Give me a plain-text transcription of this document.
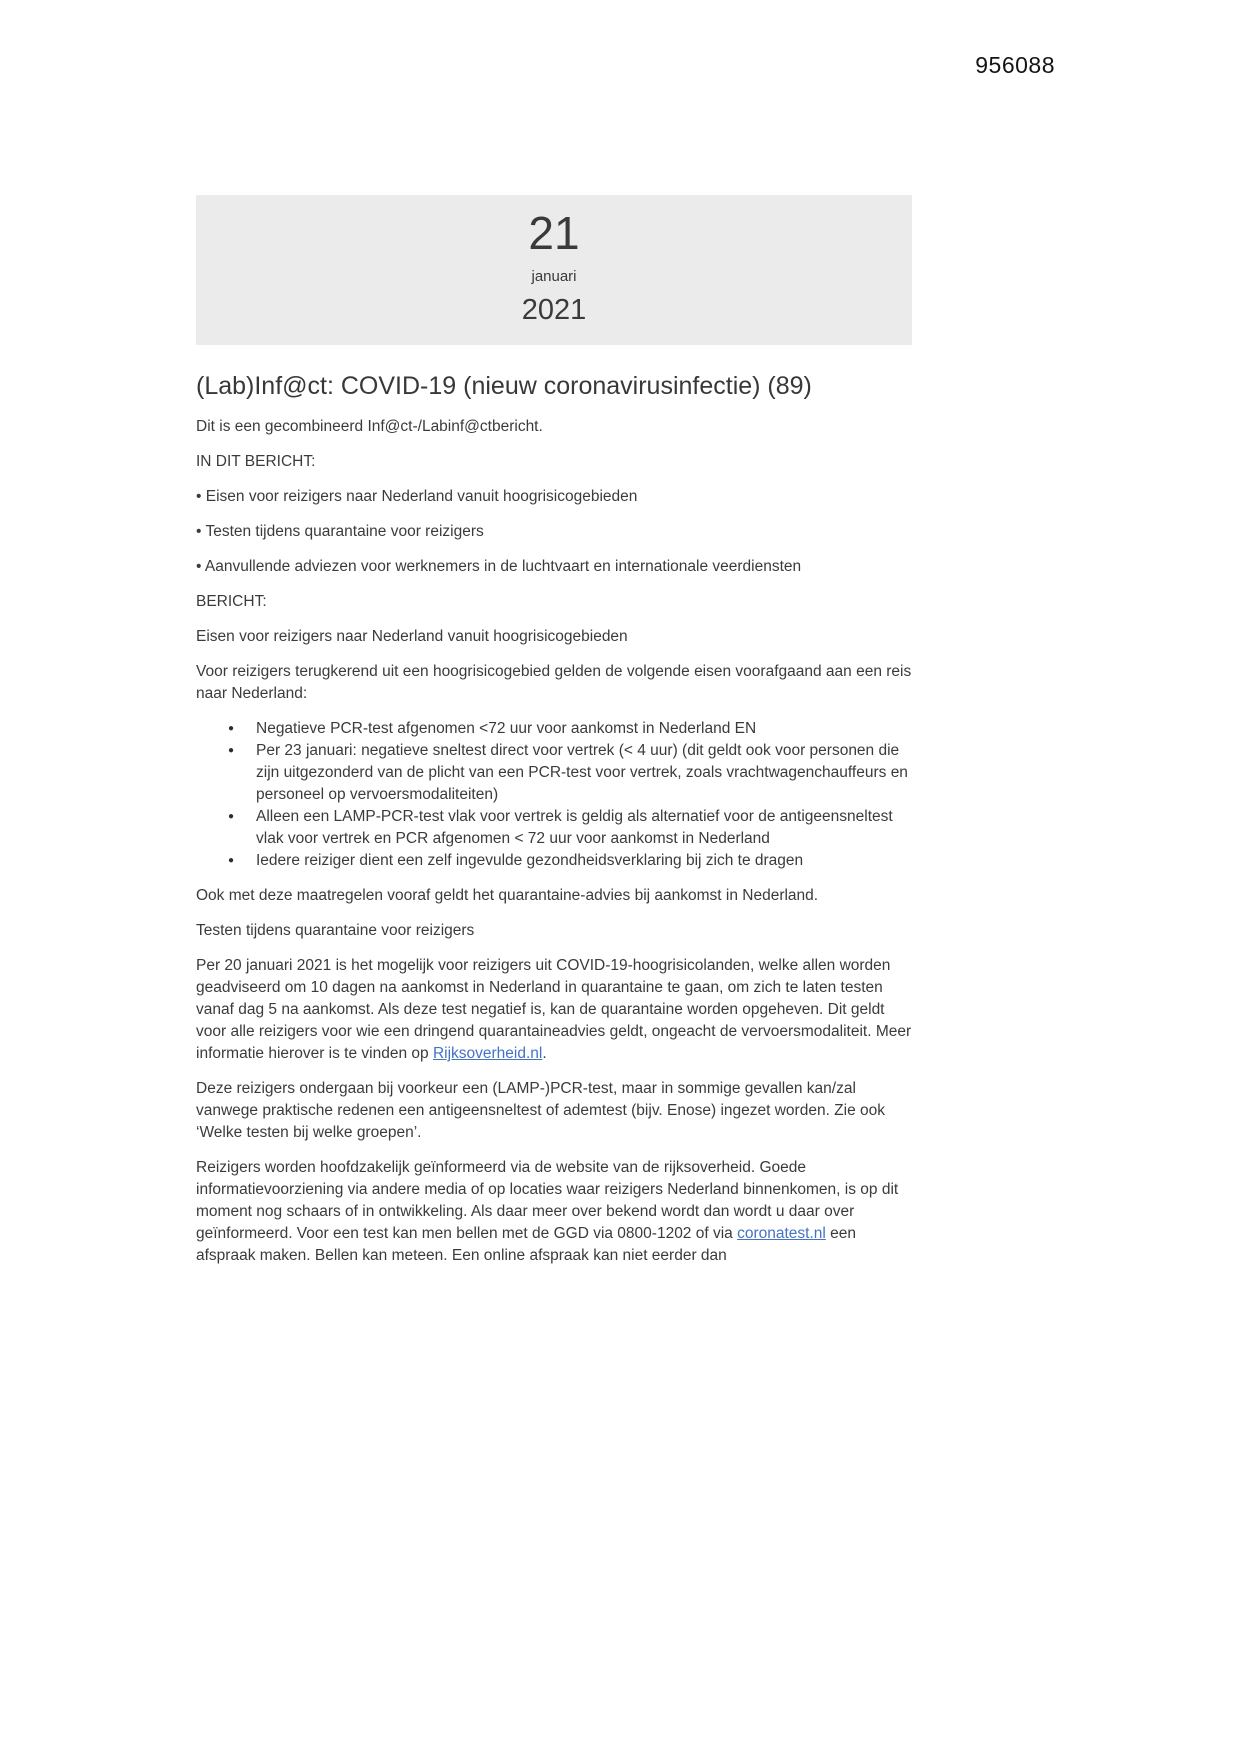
956088
21
januari
2021
(Lab)Inf@ct: COVID-19 (nieuw coronavirusinfectie) (89)

Dit is een gecombineerd Inf@ct-/Labinf@ctbericht.

IN DIT BERICHT:

• Eisen voor reizigers naar Nederland vanuit hoogrisicogebieden
• Testen tijdens quarantaine voor reizigers
• Aanvullende adviezen voor werknemers in de luchtvaart en internationale veerdiensten

BERICHT:

Eisen voor reizigers naar Nederland vanuit hoogrisicogebieden

Voor reizigers terugkerend uit een hoogrisicogebied gelden de volgende eisen voorafgaand aan een reis naar Nederland:

● Negatieve PCR-test afgenomen <72 uur voor aankomst in Nederland EN
● Per 23 januari: negatieve sneltest direct voor vertrek (< 4 uur) (dit geldt ook voor personen die zijn uitgezonderd van de plicht van een PCR-test voor vertrek, zoals vrachtwagenchauffeurs en personeel op vervoersmodaliteiten)
● Alleen een LAMP-PCR-test vlak voor vertrek is geldig als alternatief voor de antigeensneltest vlak voor vertrek en PCR afgenomen < 72 uur voor aankomst in Nederland
● Iedere reiziger dient een zelf ingevulde gezondheidsverklaring bij zich te dragen

Ook met deze maatregelen vooraf geldt het quarantaine-advies bij aankomst in Nederland.

Testen tijdens quarantaine voor reizigers

Per 20 januari 2021 is het mogelijk voor reizigers uit COVID-19-hoogrisicolanden, welke allen worden geadviseerd om 10 dagen na aankomst in Nederland in quarantaine te gaan, om zich te laten testen vanaf dag 5 na aankomst. Als deze test negatief is, kan de quarantaine worden opgeheven. Dit geldt voor alle reizigers voor wie een dringend quarantaineadvies geldt, ongeacht de vervoersmodaliteit. Meer informatie hierover is te vinden op Rijksoverheid.nl.

Deze reizigers ondergaan bij voorkeur een (LAMP-)PCR-test, maar in sommige gevallen kan/zal vanwege praktische redenen een antigeensneltest of ademtest (bijv. Enose) ingezet worden. Zie ook ‘Welke testen bij welke groepen’.

Reizigers worden hoofdzakelijk geïnformeerd via de website van de rijksoverheid. Goede informatievoorziening via andere media of op locaties waar reizigers Nederland binnenkomen, is op dit moment nog schaars of in ontwikkeling. Als daar meer over bekend wordt dan wordt u daar over geïnformeerd. Voor een test kan men bellen met de GGD via 0800-1202 of via coronatest.nl een afspraak maken. Bellen kan meteen. Een online afspraak kan niet eerder dan
